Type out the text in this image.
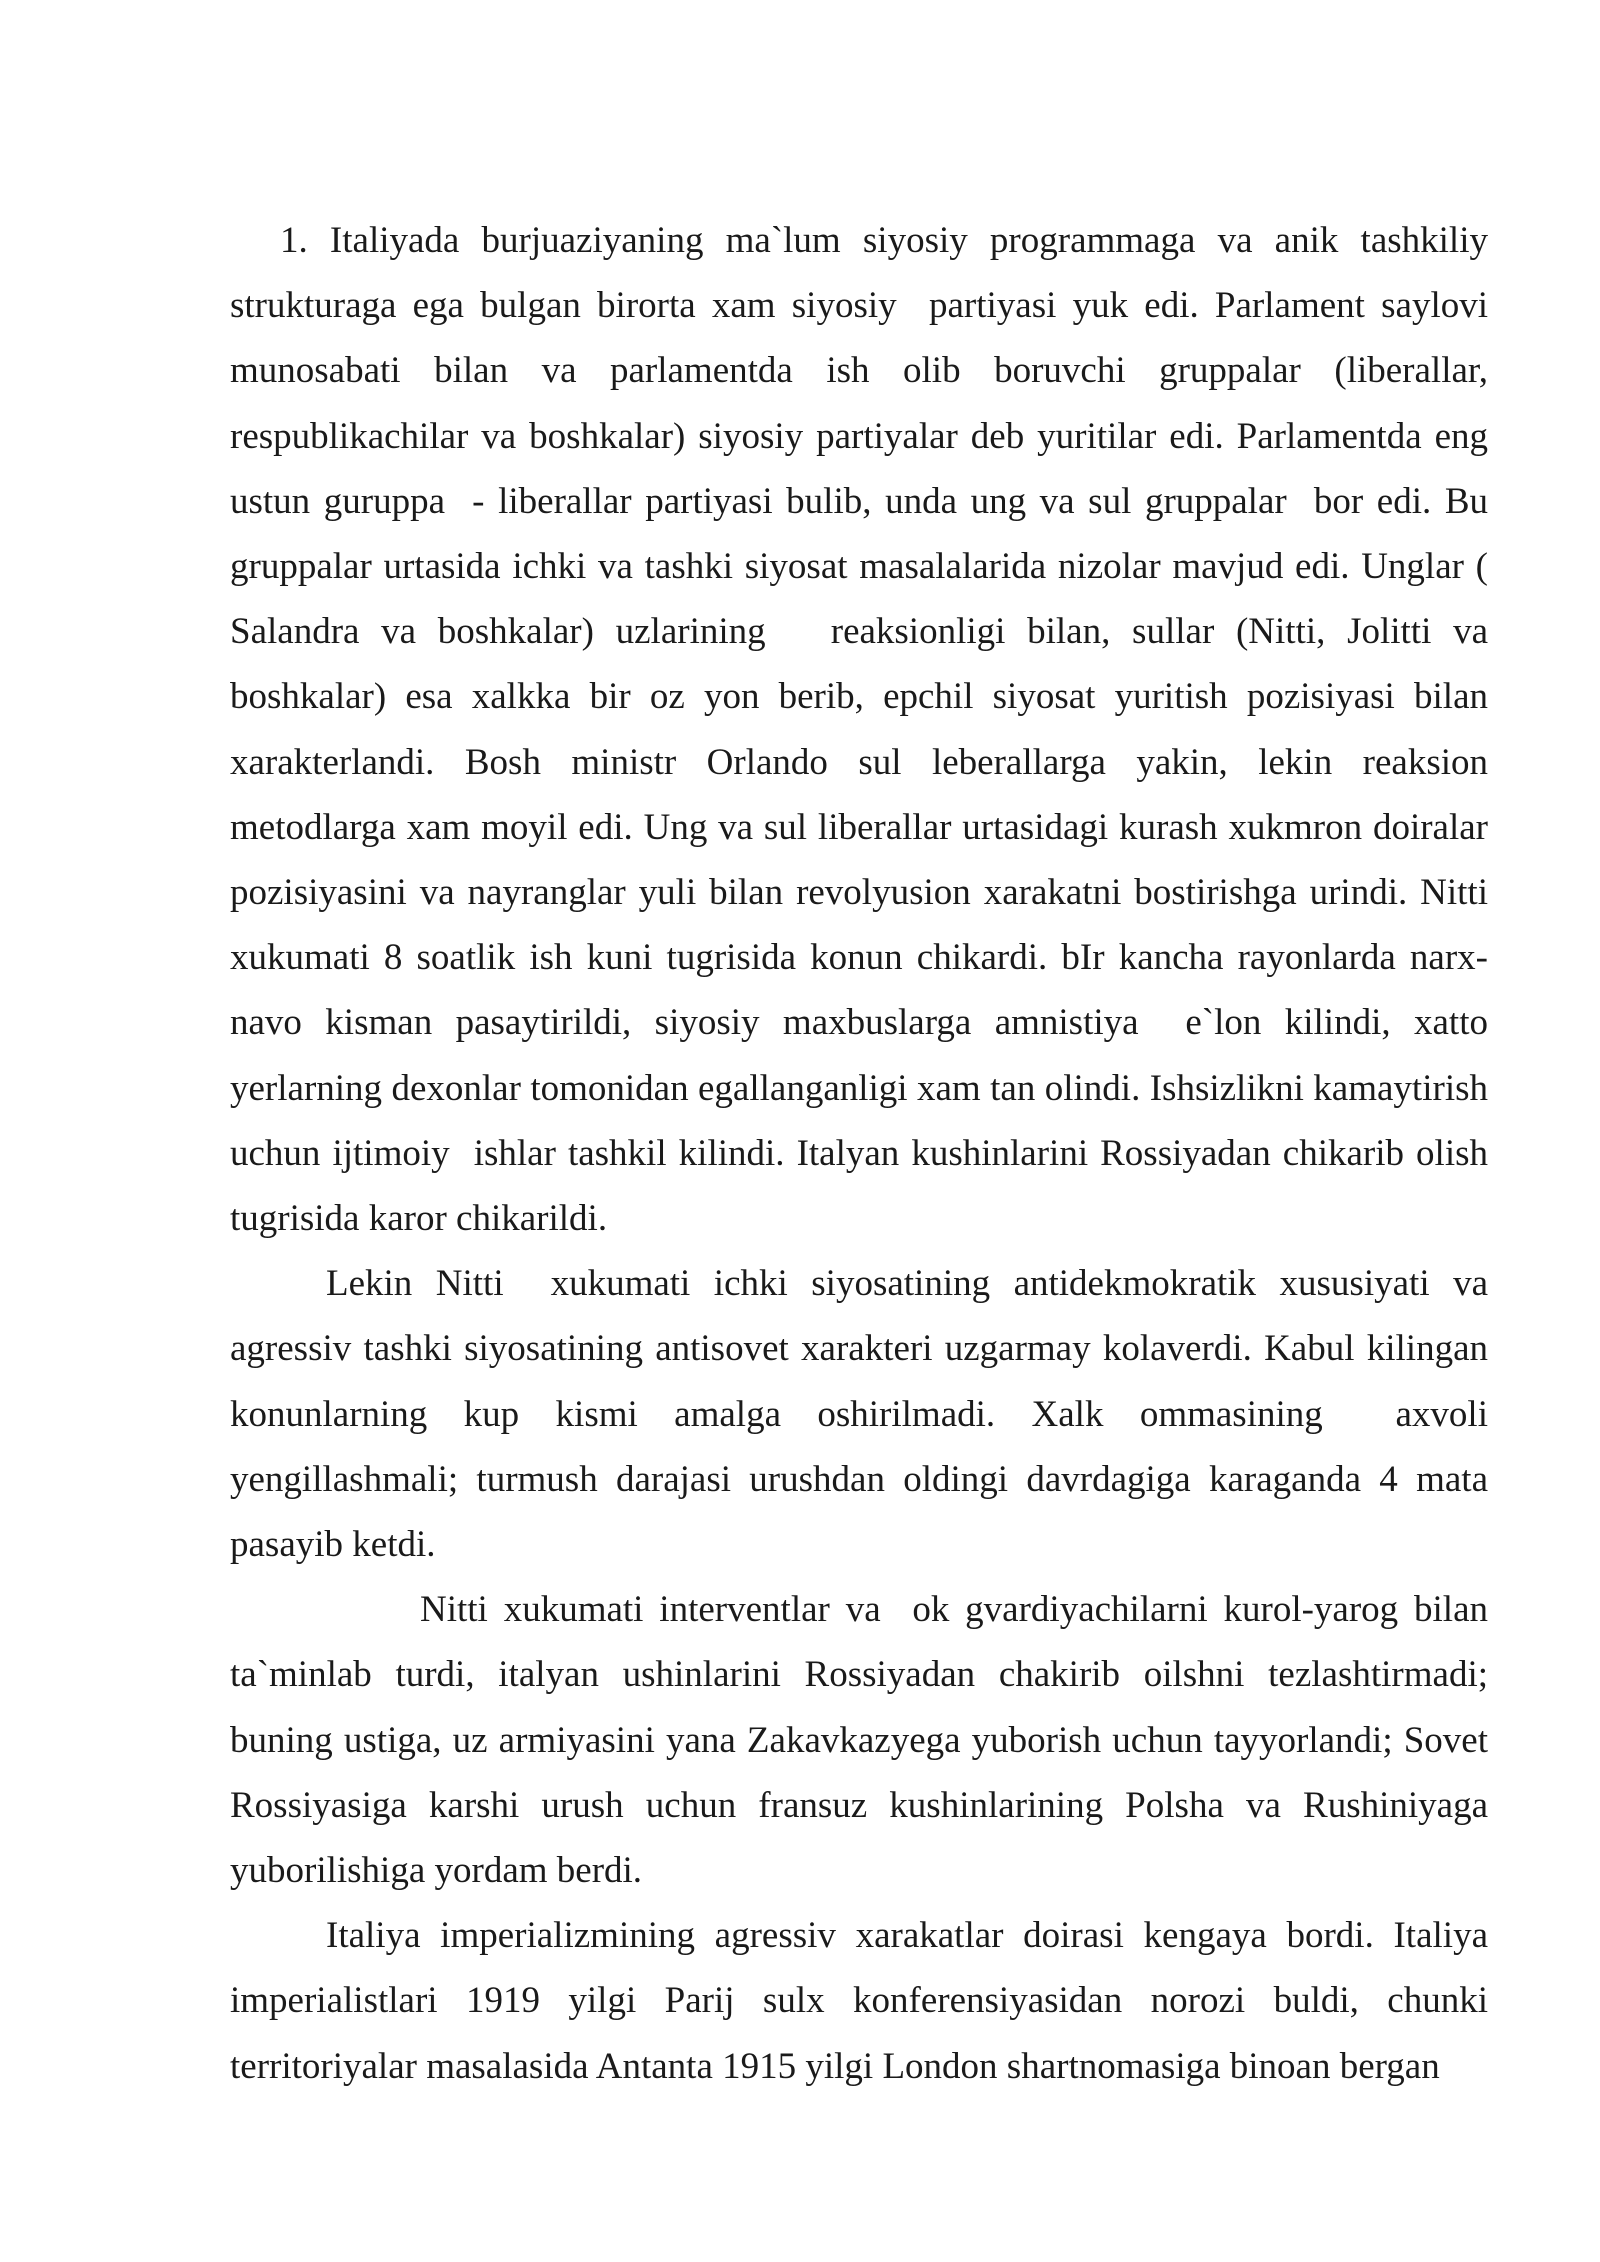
1. Italiyada burjuaziyaning ma`lum siyosiy programmaga va anik tashkiliy strukturaga ega bulgan birorta xam siyosiy  partiyasi yuk edi. Parlament saylovi munosabati bilan va parlamentda ish olib boruvchi gruppalar (liberallar, respublikachilar va boshkalar) siyosiy partiyalar deb yuritilar edi. Parlamentda eng ustun guruppa  - liberallar partiyasi bulib, unda ung va sul gruppalar  bor edi. Bu gruppalar urtasida ichki va tashki siyosat masalalarida nizolar mavjud edi. Unglar ( Salandra va boshkalar) uzlarining   reaksionligi bilan, sullar (Nitti, Jolitti va boshkalar) esa xalkka bir oz yon berib, epchil siyosat yuritish pozisiyasi bilan xarakterlandi. Bosh ministr Orlando sul leberallarga yakin, lekin reaksion metodlarga xam moyil edi. Ung va sul liberallar urtasidagi kurash xukmron doiralar pozisiyasini va nayranglar yuli bilan revolyusion xarakatni bostirishga urindi. Nitti  xukumati 8 soatlik ish kuni tugrisida konun chikardi. bIr kancha rayonlarda narx-navo kisman pasaytirildi, siyosiy maxbuslarga amnistiya  e`lon kilindi, xatto yerlarning dexonlar tomonidan egallanganligi xam tan olindi. Ishsizlikni kamaytirish uchun ijtimoiy  ishlar tashkil kilindi. Italyan kushinlarini Rossiyadan chikarib olish tugrisida karor chikarildi.

Lekin Nitti  xukumati ichki siyosatining antidekmokratik xususiyati va agressiv tashki siyosatining antisovet xarakteri uzgarmay kolaverdi. Kabul kilingan konunlarning kup kismi amalga oshirilmadi. Xalk ommasining  axvoli yengillashmali; turmush darajasi urushdan oldingi davrdagiga karaganda 4 mata pasayib ketdi.

Nitti xukumati interventlar va  ok gvardiyachilarni kurol-yarog bilan ta`minlab turdi, italyan ushinlarini Rossiyadan chakirib oilshni tezlashtirmadi; buning ustiga, uz armiyasini yana Zakavkazyega yuborish uchun tayyorlandi; Sovet Rossiyasiga karshi urush uchun fransuz kushinlarining Polsha va Rushiniyaga yuborilishiga yordam berdi.

Italiya imperializmining agressiv xarakatlar doirasi kengaya bordi. Italiya imperialistlari 1919 yilgi Parij sulx konferensiyasidan norozi buldi, chunki territoriyalar masalasida Antanta 1915 yilgi London shartnomasiga binoan bergan
